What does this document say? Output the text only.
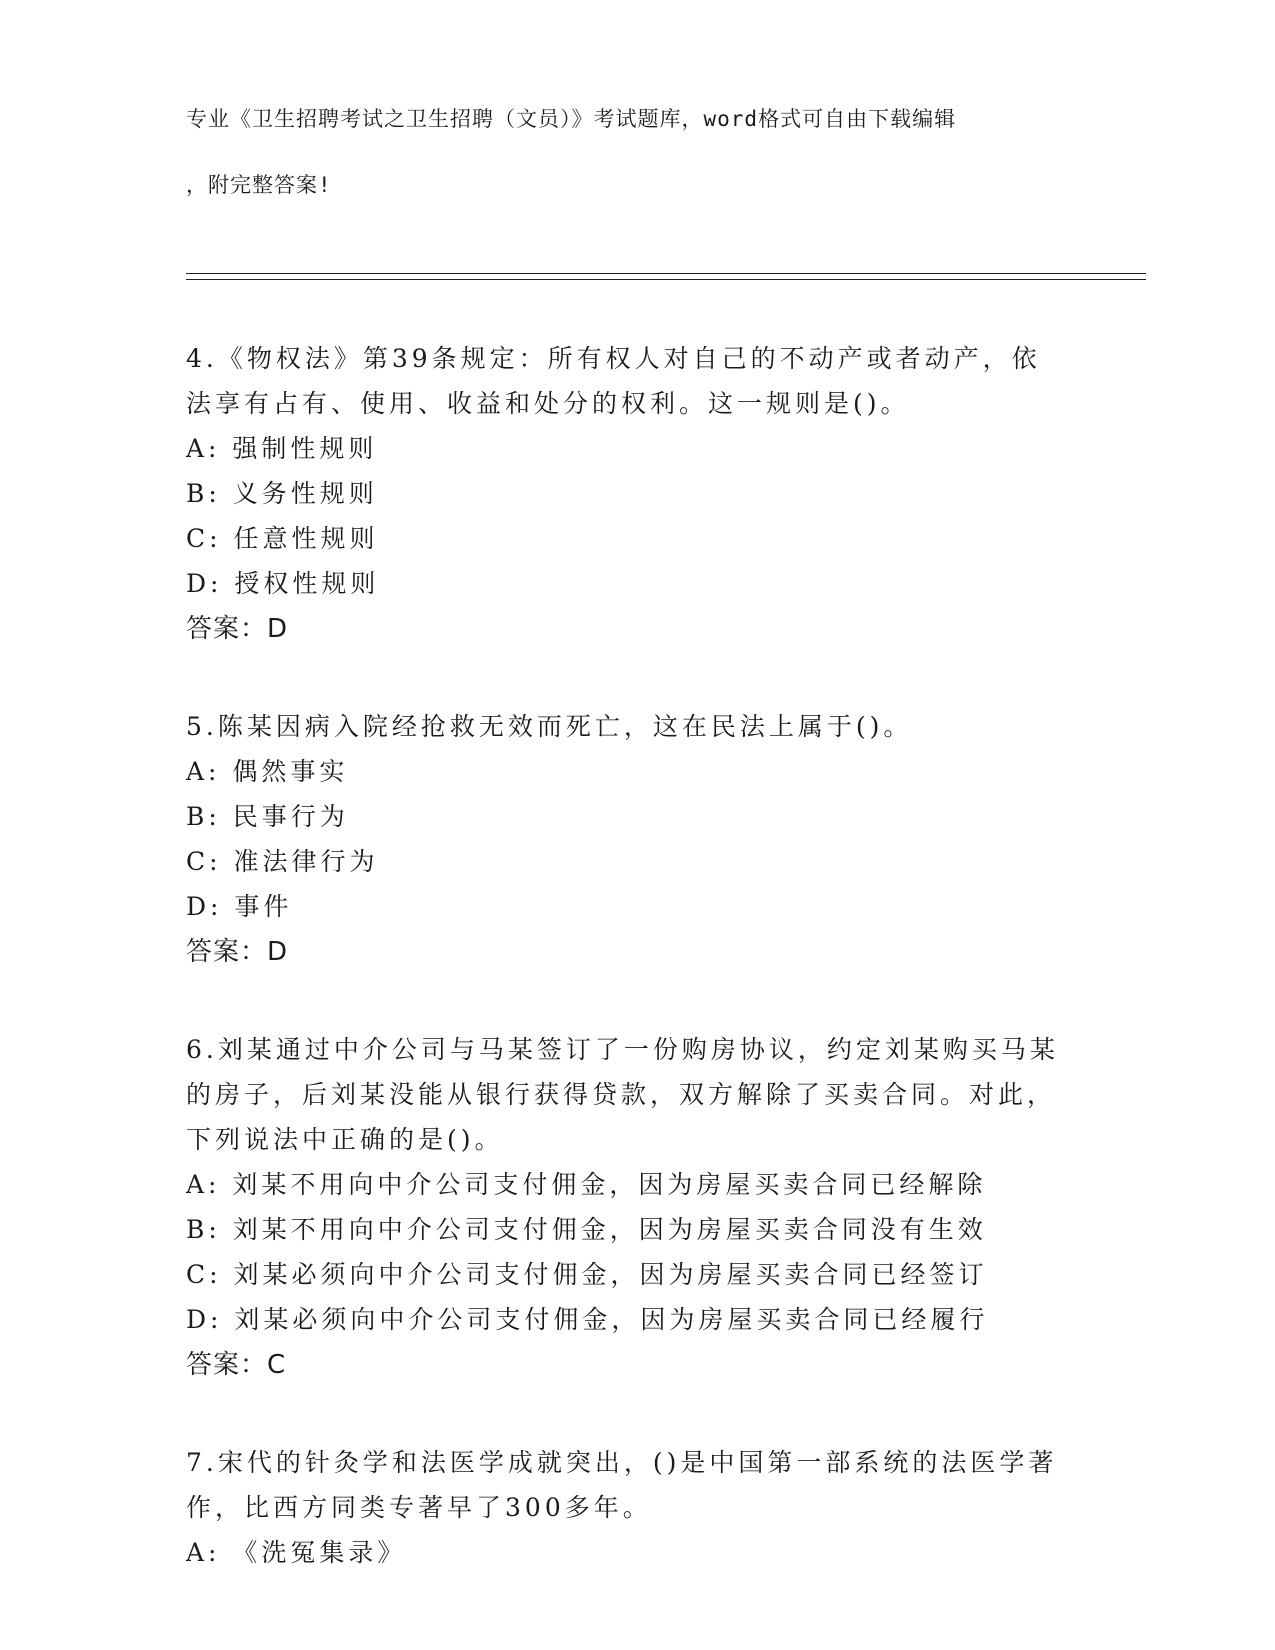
专业《卫生招聘考试之卫生招聘（文员）》考试题库，word格式可自由下载编辑

，附完整答案!

4.《物权法》第39条规定：所有权人对自己的不动产或者动产，依法享有占有、使用、收益和处分的权利。这一规则是()。
A: 强制性规则
B: 义务性规则
C: 任意性规则
D: 授权性规则
答案：D
5.陈某因病入院经抢救无效而死亡，这在民法上属于()。
A: 偶然事实
B: 民事行为
C: 准法律行为
D: 事件
答案：D
6.刘某通过中介公司与马某签订了一份购房协议，约定刘某购买马某的房子，后刘某没能从银行获得贷款，双方解除了买卖合同。对此，下列说法中正确的是()。
A: 刘某不用向中介公司支付佣金，因为房屋买卖合同已经解除
B: 刘某不用向中介公司支付佣金，因为房屋买卖合同没有生效
C: 刘某必须向中介公司支付佣金，因为房屋买卖合同已经签订
D: 刘某必须向中介公司支付佣金，因为房屋买卖合同已经履行
答案：C
7.宋代的针灸学和法医学成就突出，()是中国第一部系统的法医学著作，比西方同类专著早了300多年。
A: 《洗冤集录》
